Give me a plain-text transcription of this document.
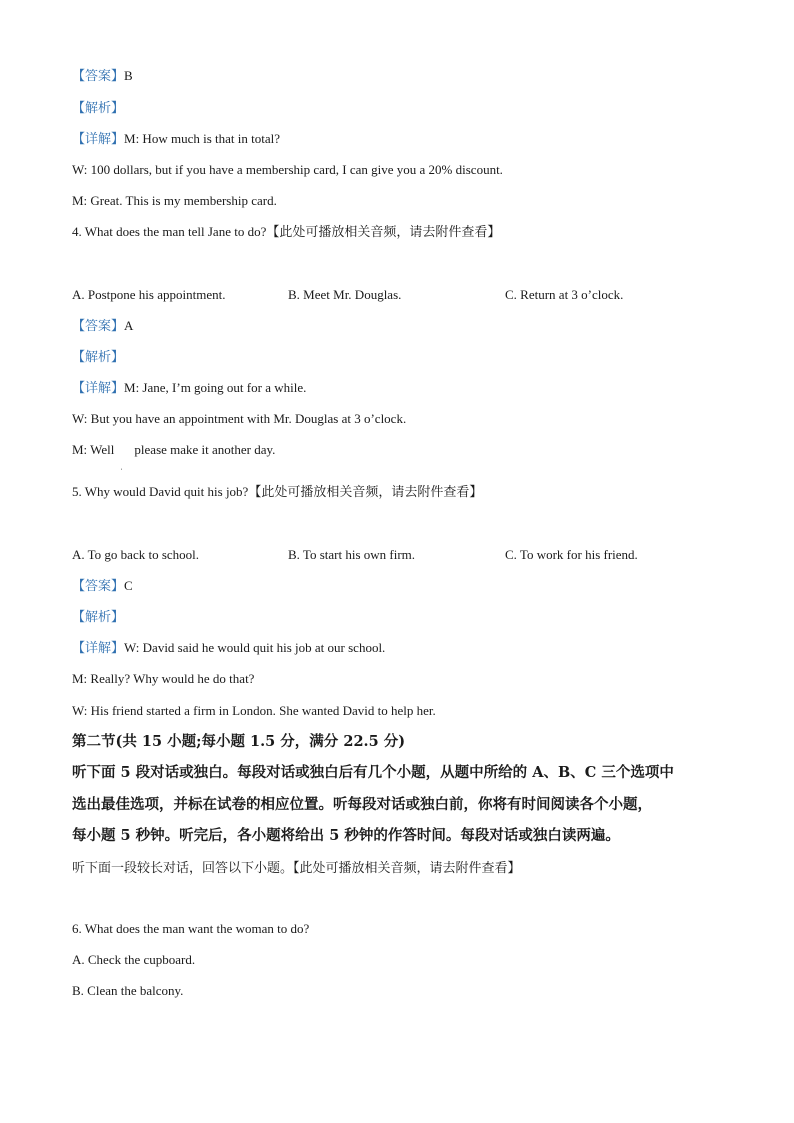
【答案】B
【解析】
【详解】M: How much is that in total?
W: 100 dollars, but if you have a membership card, I can give you a 20% discount.
M: Great. This is my membership card.
4. What does the man tell Jane to do?【此处可播放相关音频，请去附件查看】
A. Postpone his appointment.	B. Meet Mr. Douglas.	C. Return at 3 o’clock.
【答案】A
【解析】
【详解】M: Jane, I’m going out for a while.
W: But you have an appointment with Mr. Douglas at 3 o’clock.
M: Well please make it another day.
ˌ
5. Why would David quit his job?【此处可播放相关音频，请去附件查看】
A. To go back to school.	B. To start his own firm.	C. To work for his friend.
【答案】C
【解析】
【详解】W: David said he would quit his job at our school.
M: Really? Why would he do that?
W: His friend started a firm in London. She wanted David to help her.
第二节(共 15 小题;每小题 1.5 分，满分 22.5 分)
听下面 5 段对话或独白。每段对话或独白后有几个小题，从题中所给的 A、B、C 三个选项中
选出最佳选项，并标在试卷的相应位置。听每段对话或独白前，你将有时间阅读各个小题，
每小题 5 秒钟。听完后，各小题将给出 5 秒钟的作答时间。每段对话或独白读两遍。
听下面一段较长对话，回答以下小题。【此处可播放相关音频，请去附件查看】
6. What does the man want the woman to do?
A. Check the cupboard.
B. Clean the balcony.
